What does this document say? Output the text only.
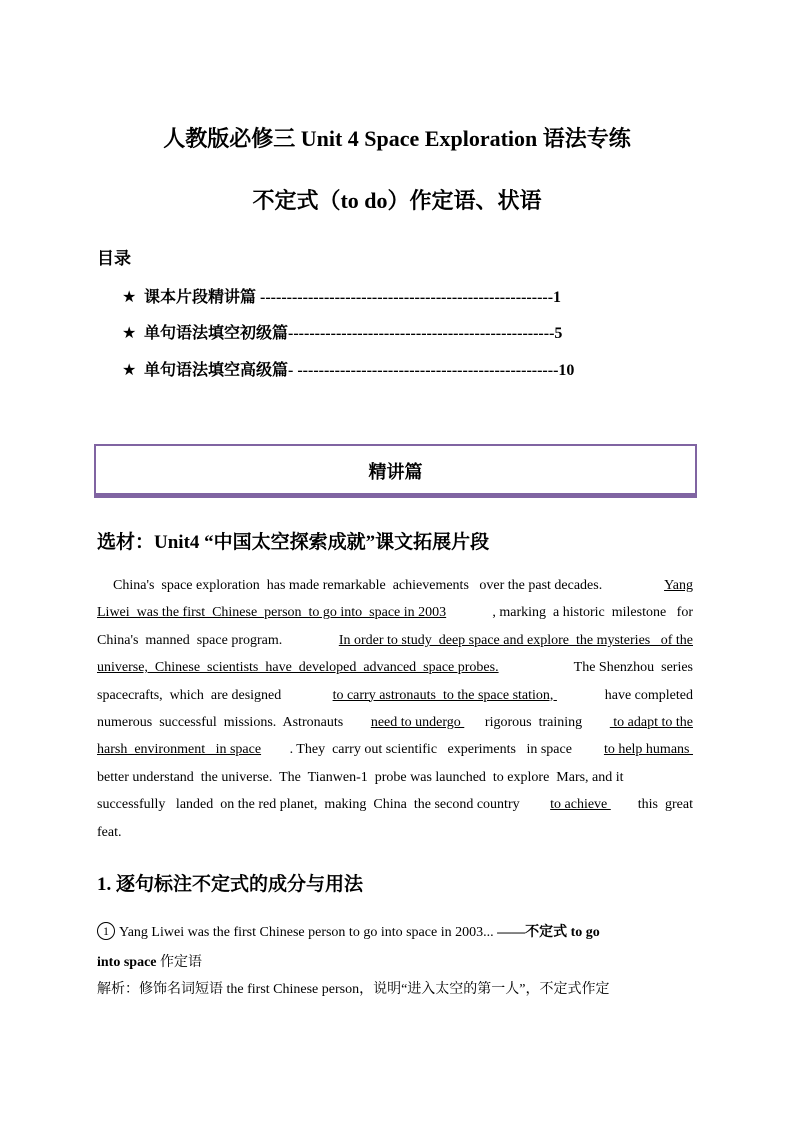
人教版必修三 Unit 4 Space Exploration 语法专练
不定式（to do）作定语、状语
目录
★ 课本片段精讲篇 -------------------------------------------------------1
★ 单句语法填空初级篇--------------------------------------------------5
★ 单句语法填空高级篇- -------------------------------------------------10
精讲篇
选材：Unit4 “中国太空探索成就”课文拓展片段
China's  space exploration  has made remarkable  achievements   over the past decades.	Yang
Liwei  was the first  Chinese  person  to go into  space in 2003	, marking  a historic  milestone   for
China's  manned  space program.	In order to study  deep space and explore  the mysteries   of the
universe,  Chinese  scientists  have  developed  advanced  space probes.	The Shenzhou  series
spacecrafts,  which  are designed	to carry astronauts  to the space station,	have completed
numerous  successful  missions.  Astronauts need to undergo rigorous  training to adapt to the
harsh  environment   in space . They  carry out scientific   experiments   in space to help humans
better understand  the universe.  The  Tianwen-1  probe was launched  to explore  Mars, and it
successfully   landed  on the red planet,  making  China  the second country to achieve this  great
feat.
1. 逐句标注不定式的成分与用法
1 Yang Liwei was the first Chinese person to go into space in 2003... ——不定式 to go
into space 作定语
解析：修饰名词短语 the first Chinese person，说明“进入太空的第一人”，不定式作定
